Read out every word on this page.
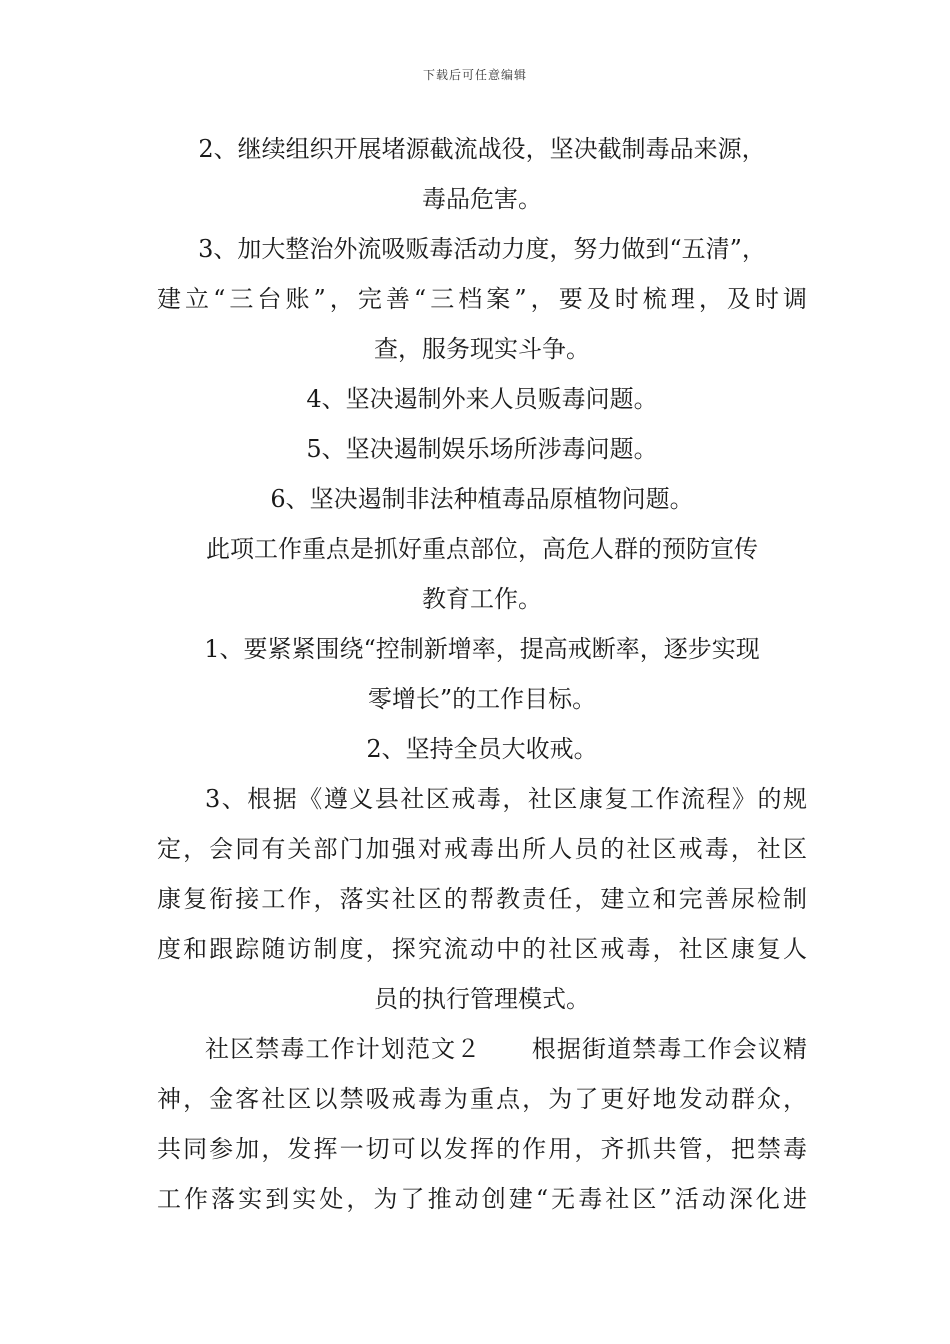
下载后可任意编辑
2、继续组织开展堵源截流战役，坚决截制毒品来源，
毒品危害。
3、加大整治外流吸贩毒活动力度，努力做到“五清”，
建立“三台账”，完善“三档案”，要及时梳理，及时调
查，服务现实斗争。
4、坚决遏制外来人员贩毒问题。
5、坚决遏制娱乐场所涉毒问题。
6、坚决遏制非法种植毒品原植物问题。
此项工作重点是抓好重点部位，高危人群的预防宣传
教育工作。
1、要紧紧围绕“控制新增率，提高戒断率，逐步实现
零增长”的工作目标。
2、坚持全员大收戒。
3、根据《遵义县社区戒毒，社区康复工作流程》的规
定，会同有关部门加强对戒毒出所人员的社区戒毒，社区
康复衔接工作，落实社区的帮教责任，建立和完善尿检制
度和跟踪随访制度，探究流动中的社区戒毒，社区康复人
员的执行管理模式。
社区禁毒工作计划范文２　　根据街道禁毒工作会议精
神，金客社区以禁吸戒毒为重点，为了更好地发动群众，
共同参加，发挥一切可以发挥的作用，齐抓共管，把禁毒
工作落实到实处，为了推动创建“无毒社区”活动深化进
